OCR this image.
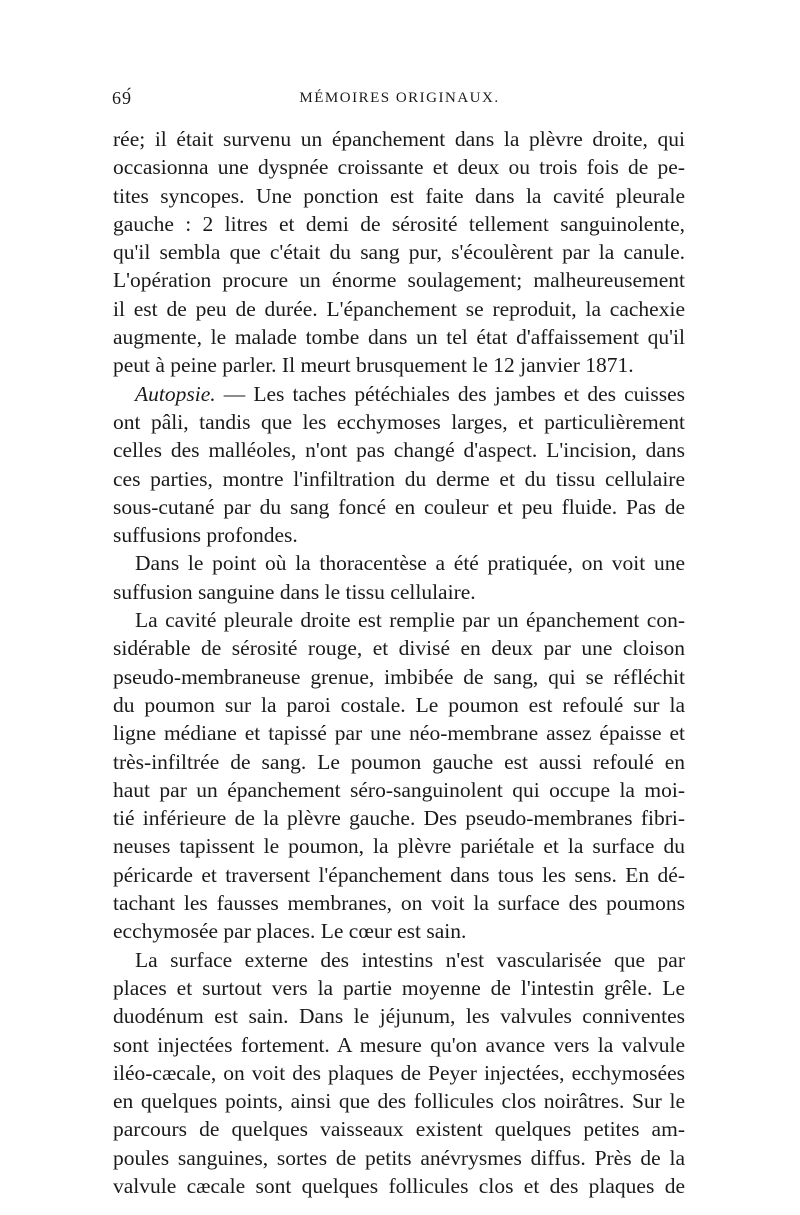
69́	MÉMOIRES ORIGINAUX.
rée; il était survenu un épanchement dans la plèvre droite, qui
occasionna une dyspnée croissante et deux ou trois fois de pe-
tites syncopes. Une ponction est faite dans la cavité pleurale
gauche : 2 litres et demi de sérosité tellement sanguinolente,
qu'il sembla que c'était du sang pur, s'écoulèrent par la canule.
L'opération procure un énorme soulagement; malheureusement
il est de peu de durée. L'épanchement se reproduit, la cachexie
augmente, le malade tombe dans un tel état d'affaissement qu'il
peut à peine parler. Il meurt brusquement le 12 janvier 1871.
Autopsie. — Les taches pétéchiales des jambes et des cuisses
ont pâli, tandis que les ecchymoses larges, et particulièrement
celles des malléoles, n'ont pas changé d'aspect. L'incision, dans
ces parties, montre l'infiltration du derme et du tissu cellulaire
sous-cutané par du sang foncé en couleur et peu fluide. Pas de
suffusions profondes.
Dans le point où la thoracentèse a été pratiquée, on voit une
suffusion sanguine dans le tissu cellulaire.
La cavité pleurale droite est remplie par un épanchement con-
sidérable de sérosité rouge, et divisé en deux par une cloison
pseudo-membraneuse grenue, imbibée de sang, qui se réfléchit
du poumon sur la paroi costale. Le poumon est refoulé sur la
ligne médiane et tapissé par une néo-membrane assez épaisse et
très-infiltrée de sang. Le poumon gauche est aussi refoulé en
haut par un épanchement séro-sanguinolent qui occupe la moi-
tié inférieure de la plèvre gauche. Des pseudo-membranes fibri-
neuses tapissent le poumon, la plèvre pariétale et la surface du
péricarde et traversent l'épanchement dans tous les sens. En dé-
tachant les fausses membranes, on voit la surface des poumons
ecchymosée par places. Le cœur est sain.
La surface externe des intestins n'est vascularisée que par
places et surtout vers la partie moyenne de l'intestin grêle. Le
duodénum est sain. Dans le jéjunum, les valvules conniventes
sont injectées fortement. A mesure qu'on avance vers la valvule
iléo-cæcale, on voit des plaques de Peyer injectées, ecchymosées
en quelques points, ainsi que des follicules clos noirâtres. Sur le
parcours de quelques vaisseaux existent quelques petites am-
poules sanguines, sortes de petits anévrysmes diffus. Près de la
valvule cæcale sont quelques follicules clos et des plaques de
